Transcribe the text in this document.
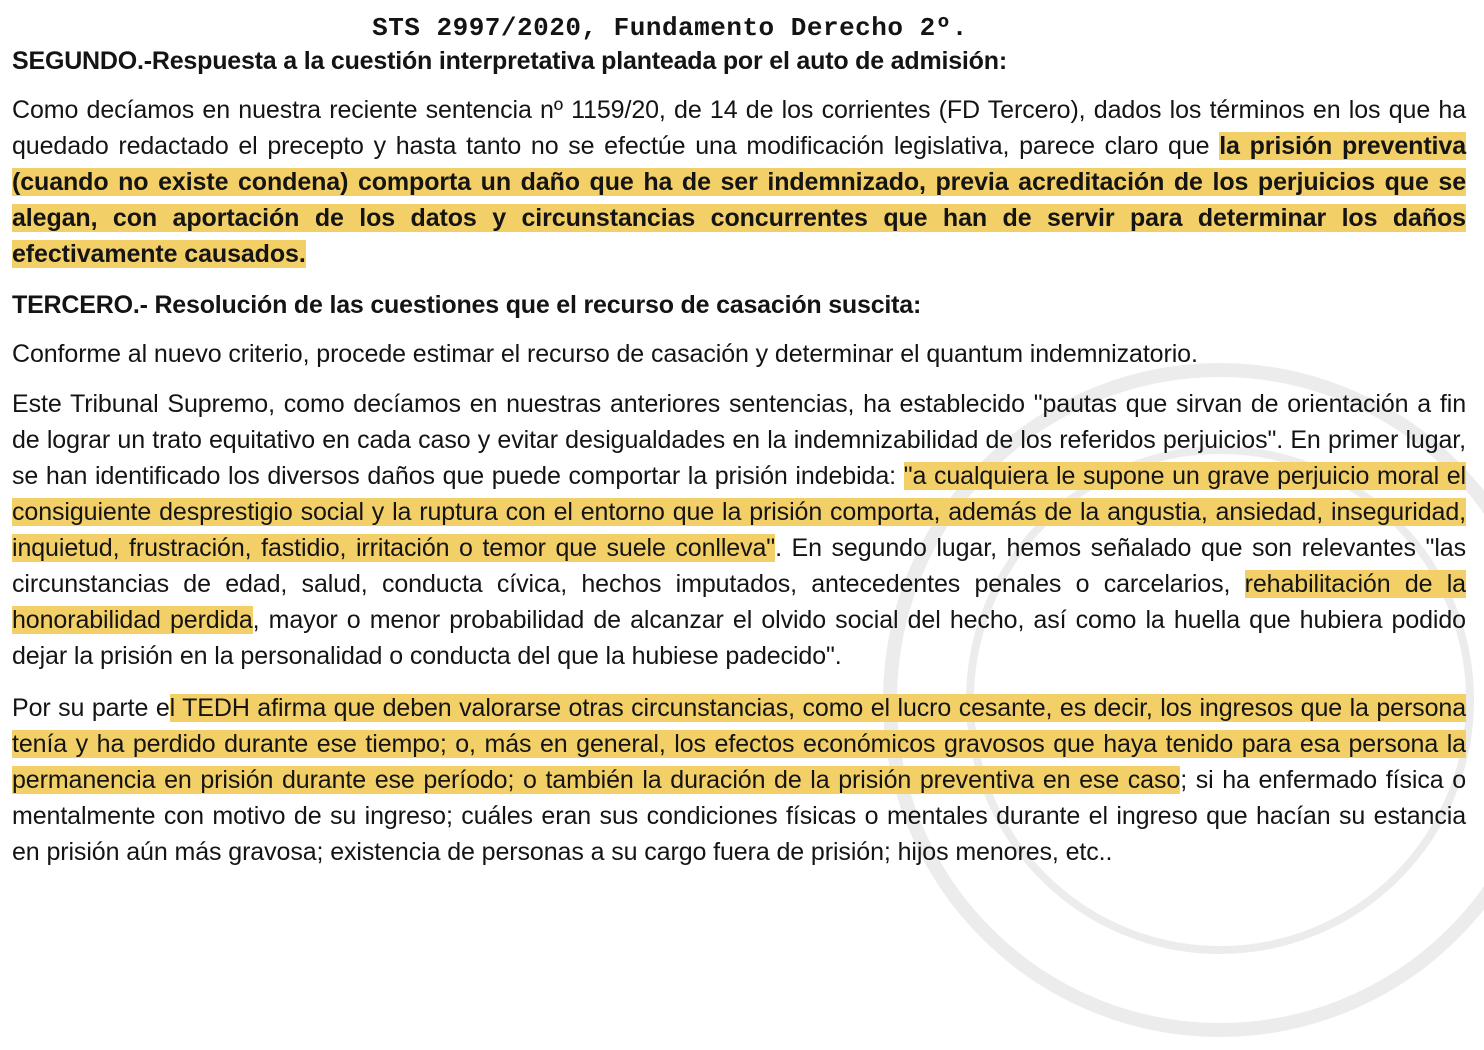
STS 2997/2020, Fundamento Derecho 2º.

SEGUNDO.-Respuesta a la cuestión interpretativa planteada por el auto de admisión:

Como decíamos en nuestra reciente sentencia nº 1159/20, de 14 de los corrientes (FD Tercero), dados los términos en los que ha quedado redactado el precepto y hasta tanto no se efectúe una modificación legislativa, parece claro que la prisión preventiva (cuando no existe condena) comporta un daño que ha de ser indemnizado, previa acreditación de los perjuicios que se alegan, con aportación de los datos y circunstancias concurrentes que han de servir para determinar los daños efectivamente causados.

TERCERO.- Resolución de las cuestiones que el recurso de casación suscita:

Conforme al nuevo criterio, procede estimar el recurso de casación y determinar el quantum indemnizatorio.

Este Tribunal Supremo, como decíamos en nuestras anteriores sentencias, ha establecido "pautas que sirvan de orientación a fin de lograr un trato equitativo en cada caso y evitar desigualdades en la indemnizabilidad de los referidos perjuicios". En primer lugar, se han identificado los diversos daños que puede comportar la prisión indebida: "a cualquiera le supone un grave perjuicio moral el consiguiente desprestigio social y la ruptura con el entorno que la prisión comporta, además de la angustia, ansiedad, inseguridad, inquietud, frustración, fastidio, irritación o temor que suele conlleva". En segundo lugar, hemos señalado que son relevantes "las circunstancias de edad, salud, conducta cívica, hechos imputados, antecedentes penales o carcelarios, rehabilitación de la honorabilidad perdida, mayor o menor probabilidad de alcanzar el olvido social del hecho, así como la huella que hubiera podido dejar la prisión en la personalidad o conducta del que la hubiese padecido".

Por su parte el TEDH afirma que deben valorarse otras circunstancias, como el lucro cesante, es decir, los ingresos que la persona tenía y ha perdido durante ese tiempo; o, más en general, los efectos económicos gravosos que haya tenido para esa persona la permanencia en prisión durante ese período; o también la duración de la prisión preventiva en ese caso; si ha enfermado física o mentalmente con motivo de su ingreso; cuáles eran sus condiciones físicas o mentales durante el ingreso que hacían su estancia en prisión aún más gravosa; existencia de personas a su cargo fuera de prisión; hijos menores, etc..
